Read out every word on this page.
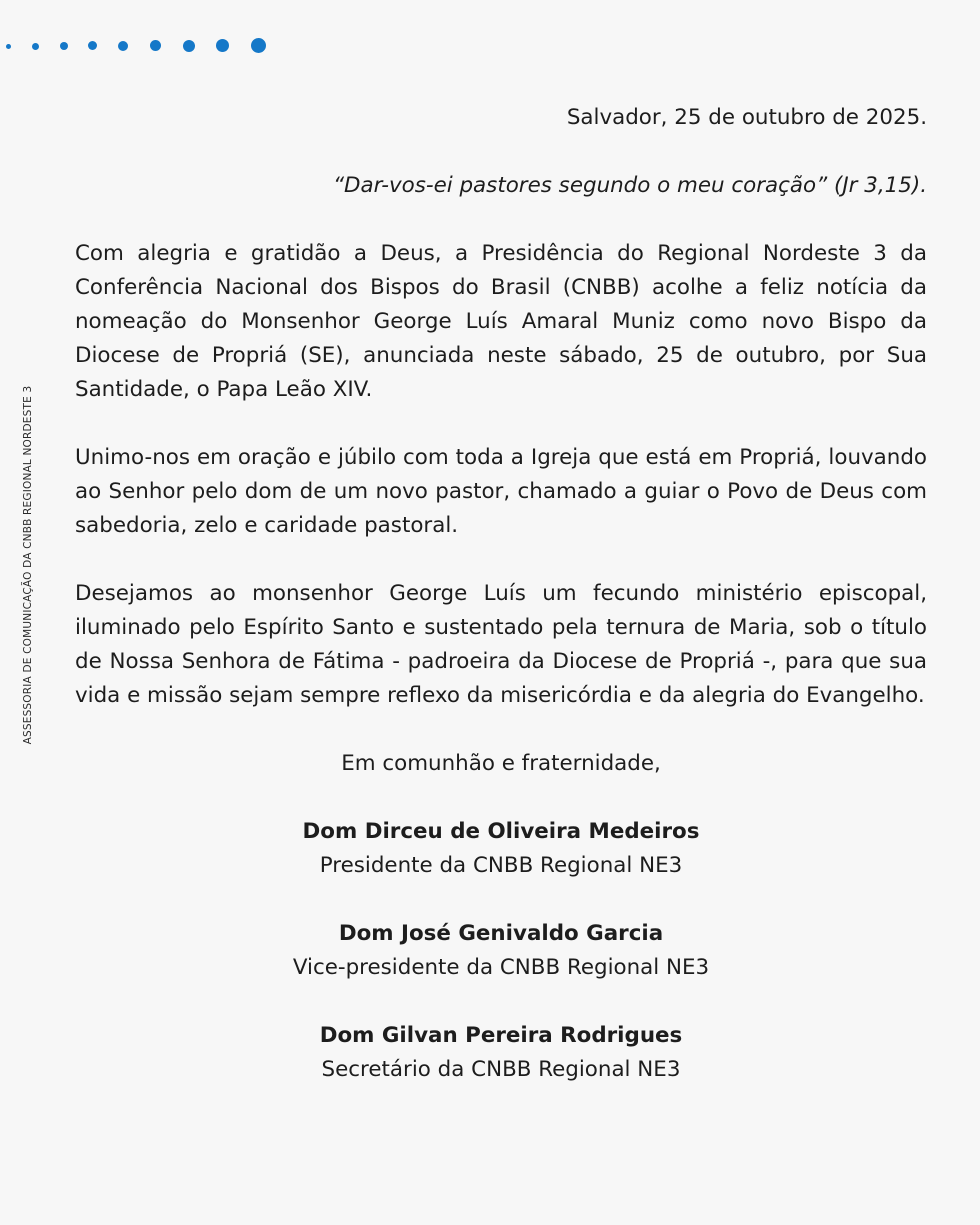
ASSESSORIA DE COMUNICAÇÃO DA CNBB REGIONAL NORDESTE 3

Salvador, 25 de outubro de 2025.

“Dar-vos-ei pastores segundo o meu coração” (Jr 3,15).

Com alegria e gratidão a Deus, a Presidência do Regional Nordeste 3 da Conferência Nacional dos Bispos do Brasil (CNBB) acolhe a feliz notícia da nomeação do Monsenhor George Luís Amaral Muniz como novo Bispo da Diocese de Propriá (SE), anunciada neste sábado, 25 de outubro, por Sua Santidade, o Papa Leão XIV.

Unimo-nos em oração e júbilo com toda a Igreja que está em Propriá, louvando ao Senhor pelo dom de um novo pastor, chamado a guiar o Povo de Deus com sabedoria, zelo e caridade pastoral.

Desejamos ao monsenhor George Luís um fecundo ministério episcopal, iluminado pelo Espírito Santo e sustentado pela ternura de Maria, sob o título de Nossa Senhora de Fátima - padroeira da Diocese de Propriá -, para que sua vida e missão sejam sempre reflexo da misericórdia e da alegria do Evangelho.

Em comunhão e fraternidade,

Dom Dirceu de Oliveira Medeiros

Presidente da CNBB Regional NE3

Dom José Genivaldo Garcia

Vice-presidente da CNBB Regional NE3

Dom Gilvan Pereira Rodrigues

Secretário da CNBB Regional NE3
